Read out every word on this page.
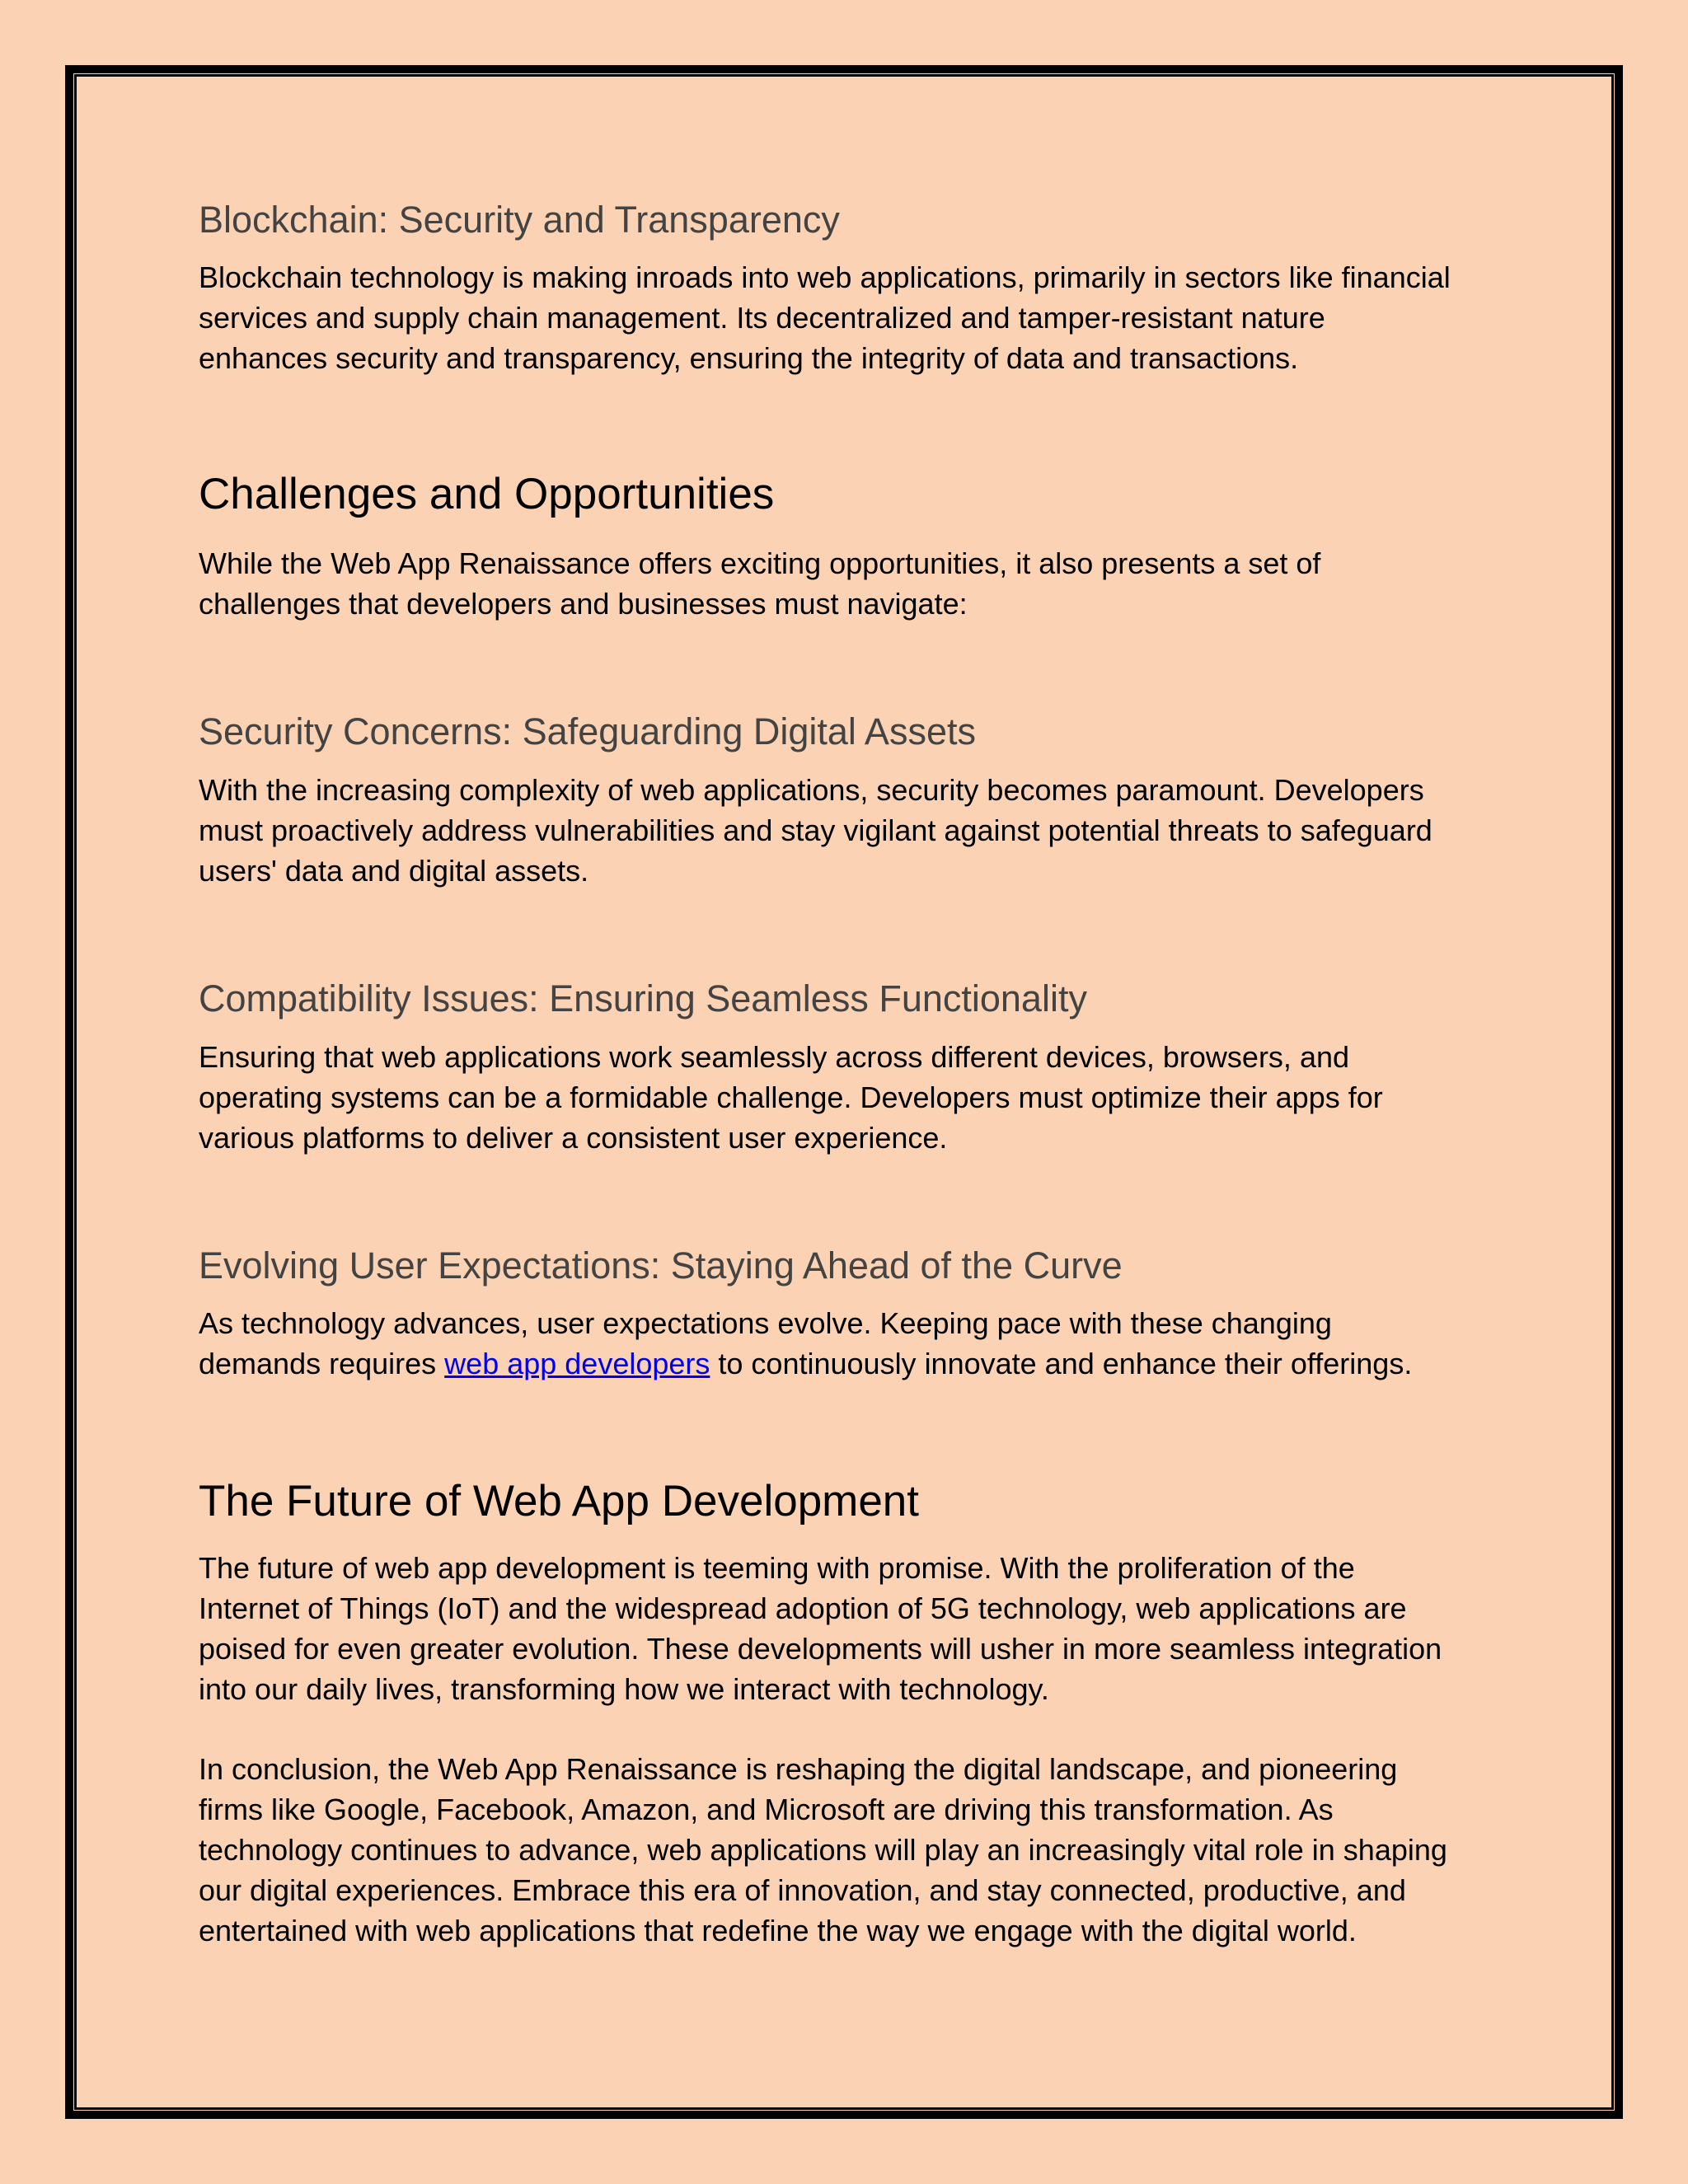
Blockchain: Security and Transparency

Blockchain technology is making inroads into web applications, primarily in sectors like financial
services and supply chain management. Its decentralized and tamper-resistant nature
enhances security and transparency, ensuring the integrity of data and transactions.

Challenges and Opportunities

While the Web App Renaissance offers exciting opportunities, it also presents a set of
challenges that developers and businesses must navigate:

Security Concerns: Safeguarding Digital Assets

With the increasing complexity of web applications, security becomes paramount. Developers
must proactively address vulnerabilities and stay vigilant against potential threats to safeguard
users' data and digital assets.

Compatibility Issues: Ensuring Seamless Functionality

Ensuring that web applications work seamlessly across different devices, browsers, and
operating systems can be a formidable challenge. Developers must optimize their apps for
various platforms to deliver a consistent user experience.

Evolving User Expectations: Staying Ahead of the Curve

As technology advances, user expectations evolve. Keeping pace with these changing
demands requires web app developers to continuously innovate and enhance their offerings.

The Future of Web App Development

The future of web app development is teeming with promise. With the proliferation of the
Internet of Things (IoT) and the widespread adoption of 5G technology, web applications are
poised for even greater evolution. These developments will usher in more seamless integration
into our daily lives, transforming how we interact with technology.

In conclusion, the Web App Renaissance is reshaping the digital landscape, and pioneering
firms like Google, Facebook, Amazon, and Microsoft are driving this transformation. As
technology continues to advance, web applications will play an increasingly vital role in shaping
our digital experiences. Embrace this era of innovation, and stay connected, productive, and
entertained with web applications that redefine the way we engage with the digital world.
